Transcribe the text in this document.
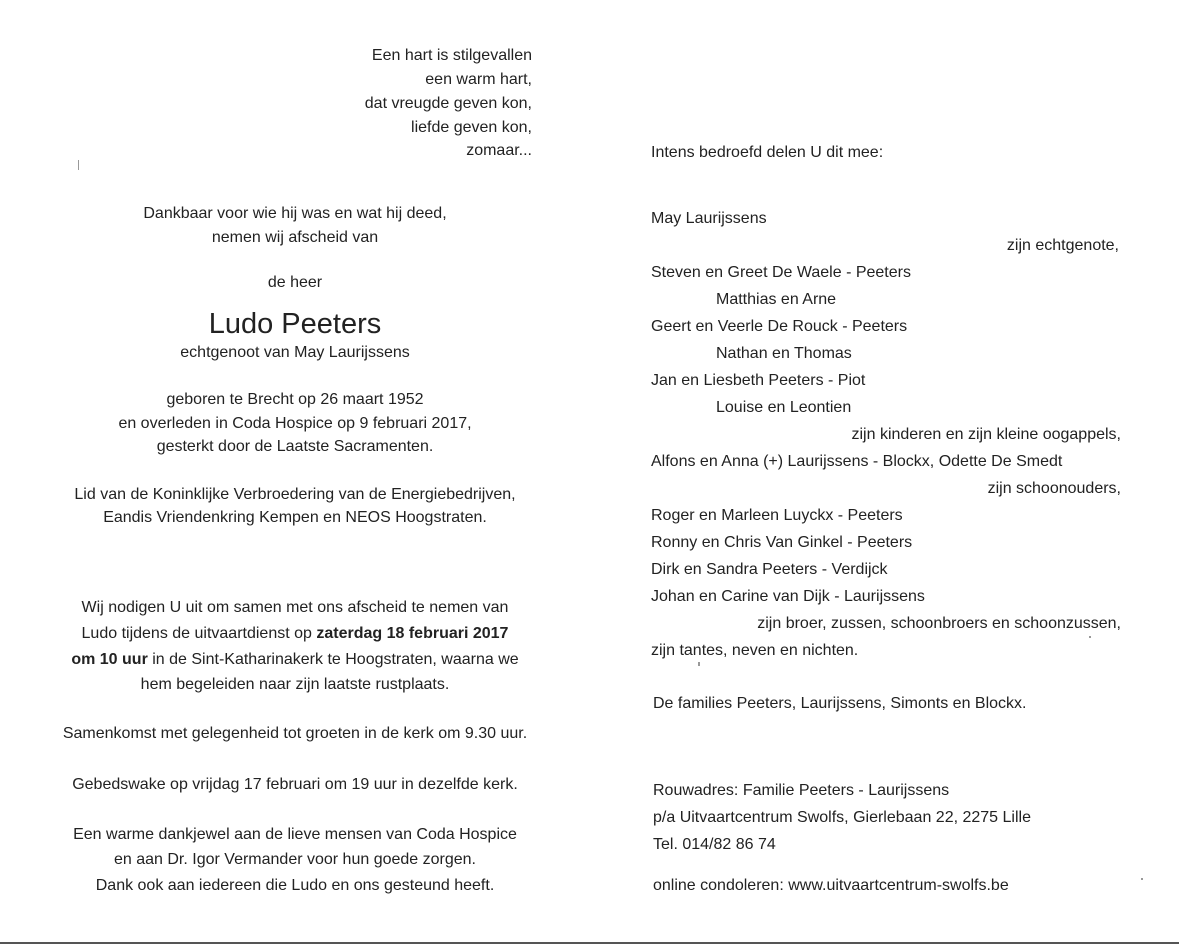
Een hart is stilgevallen
een warm hart,
dat vreugde geven kon,
liefde geven kon,
zomaar...
Dankbaar voor wie hij was en wat hij deed,
nemen wij afscheid van
de heer
Ludo Peeters
echtgenoot van May Laurijssens
geboren te Brecht op 26 maart 1952
en overleden in Coda Hospice op 9 februari 2017,
gesterkt door de Laatste Sacramenten.
Lid van de Koninklijke Verbroedering van de Energiebedrijven,
Eandis Vriendenkring Kempen en NEOS Hoogstraten.
Wij nodigen U uit om samen met ons afscheid te nemen van
Ludo tijdens de uitvaartdienst op zaterdag 18 februari 2017
om 10 uur in de Sint-Katharinakerk te Hoogstraten, waarna we
hem begeleiden naar zijn laatste rustplaats.
Samenkomst met gelegenheid tot groeten in de kerk om 9.30 uur.
Gebedswake op vrijdag 17 februari om 19 uur in dezelfde kerk.
Een warme dankjewel aan de lieve mensen van Coda Hospice
en aan Dr. Igor Vermander voor hun goede zorgen.
Dank ook aan iedereen die Ludo en ons gesteund heeft.
Intens bedroefd delen U dit mee:
May Laurijssens
zijn echtgenote,
Steven en Greet De Waele - Peeters
Matthias en Arne
Geert en Veerle De Rouck - Peeters
Nathan en Thomas
Jan en Liesbeth Peeters - Piot
Louise en Leontien
zijn kinderen en zijn kleine oogappels,
Alfons en Anna (+) Laurijssens - Blockx, Odette De Smedt
zijn schoonouders,
Roger en Marleen Luyckx - Peeters
Ronny en Chris Van Ginkel - Peeters
Dirk en Sandra Peeters - Verdijck
Johan en Carine van Dijk - Laurijssens
zijn broer, zussen, schoonbroers en schoonzussen,
zijn tantes, neven en nichten.
De families Peeters, Laurijssens, Simonts en Blockx.
Rouwadres: Familie Peeters - Laurijssens
p/a Uitvaartcentrum Swolfs, Gierlebaan 22, 2275 Lille
Tel. 014/82 86 74
online condoleren: www.uitvaartcentrum-swolfs.be
